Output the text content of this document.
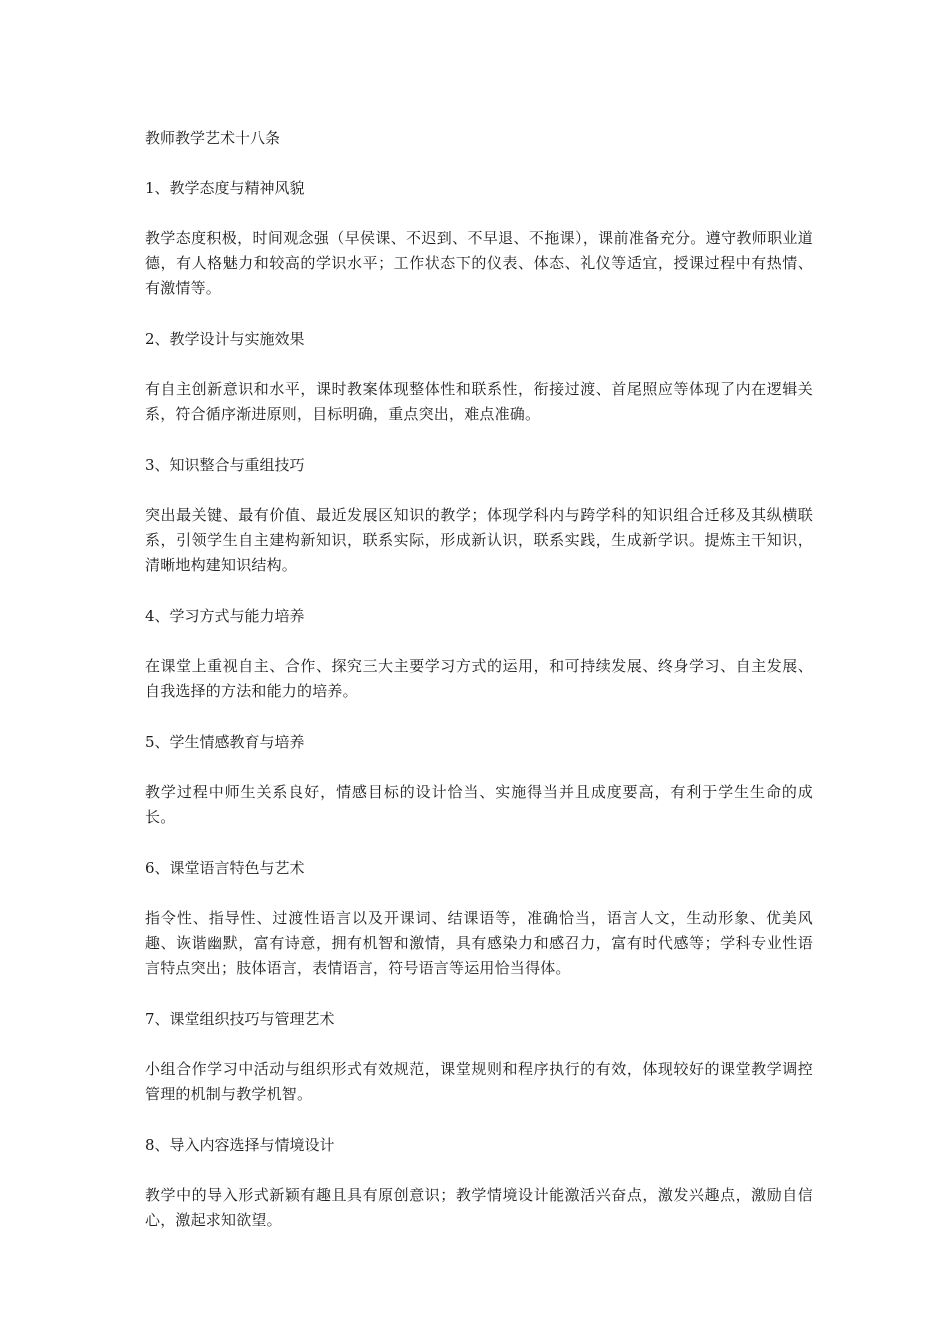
教师教学艺术十八条
1、教学态度与精神风貌
教学态度积极，时间观念强（早侯课、不迟到、不早退、不拖课），课前准备充分。遵守教师职业道德，有人格魅力和较高的学识水平；工作状态下的仪表、体态、礼仪等适宜，授课过程中有热情、有激情等。
2、教学设计与实施效果
有自主创新意识和水平，课时教案体现整体性和联系性，衔接过渡、首尾照应等体现了内在逻辑关系，符合循序渐进原则，目标明确，重点突出，难点准确。
3、知识整合与重组技巧
突出最关键、最有价值、最近发展区知识的教学；体现学科内与跨学科的知识组合迁移及其纵横联系，引领学生自主建构新知识，联系实际，形成新认识，联系实践，生成新学识。提炼主干知识，清晰地构建知识结构。
4、学习方式与能力培养
在课堂上重视自主、合作、探究三大主要学习方式的运用，和可持续发展、终身学习、自主发展、自我选择的方法和能力的培养。
5、学生情感教育与培养
教学过程中师生关系良好，情感目标的设计恰当、实施得当并且成度要高，有利于学生生命的成长。
6、课堂语言特色与艺术
指令性、指导性、过渡性语言以及开课词、结课语等，准确恰当，语言人文，生动形象、优美风趣、诙谐幽默，富有诗意，拥有机智和激情，具有感染力和感召力，富有时代感等；学科专业性语言特点突出；肢体语言，表情语言，符号语言等运用恰当得体。
7、课堂组织技巧与管理艺术
小组合作学习中活动与组织形式有效规范，课堂规则和程序执行的有效，体现较好的课堂教学调控管理的机制与教学机智。
8、导入内容选择与情境设计
教学中的导入形式新颖有趣且具有原创意识；教学情境设计能激活兴奋点，激发兴趣点，激励自信心，激起求知欲望。
